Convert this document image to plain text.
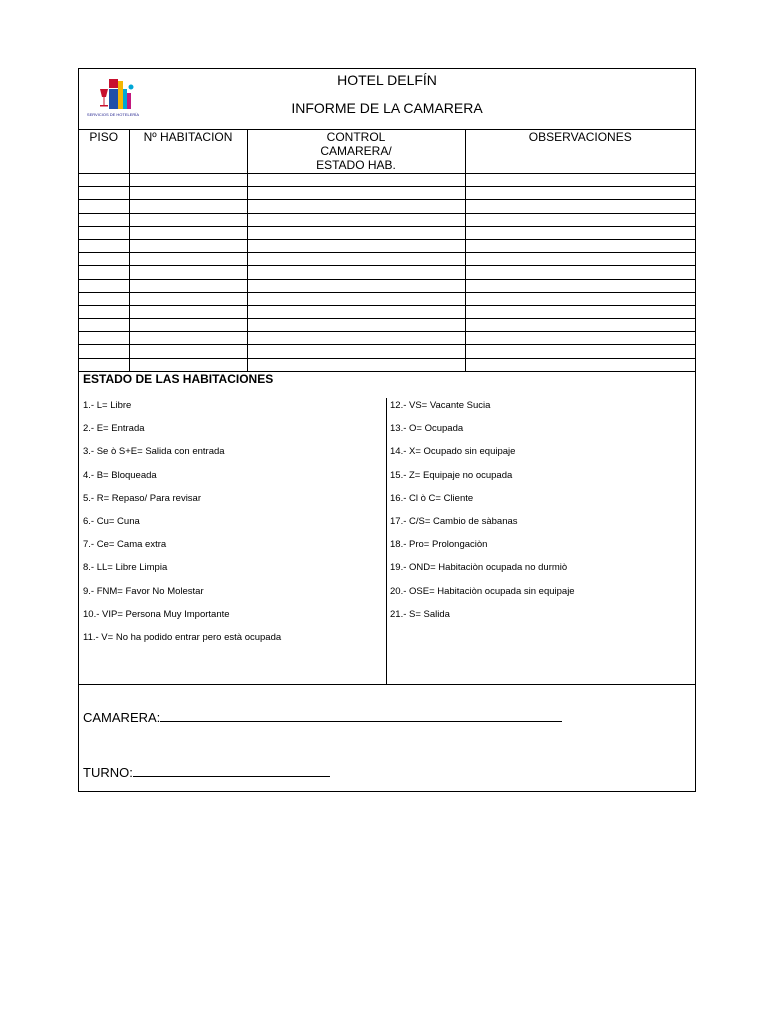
SERVICIOS DE HOTELERÍA
HOTEL DELFÍN
INFORME DE LA CAMARERA
PISO	Nº HABITACION	CONTROL CAMARERA/ ESTADO HAB.	OBSERVACIONES

ESTADO DE LAS HABITACIONES
1.- L= Libre
2.- E= Entrada
3.- Se ò S+E= Salida con entrada
4.- B= Bloqueada
5.- R= Repaso/ Para revisar
6.- Cu= Cuna
7.- Ce= Cama extra
8.- LL= Libre Limpia
9.- FNM= Favor No Molestar
10.- VIP= Persona Muy Importante
11.- V= No ha podido entrar pero està ocupada
12.- VS= Vacante Sucia
13.- O= Ocupada
14.- X= Ocupado sin equipaje
15.- Z= Equipaje no ocupada
16.- Cl ò C= Cliente
17.- C/S= Cambio de sàbanas
18.- Pro= Prolongaciòn
19.- OND= Habitaciòn ocupada no durmiò
20.- OSE= Habitaciòn ocupada sin equipaje
21.- S= Salida
CAMARERA:
TURNO:
